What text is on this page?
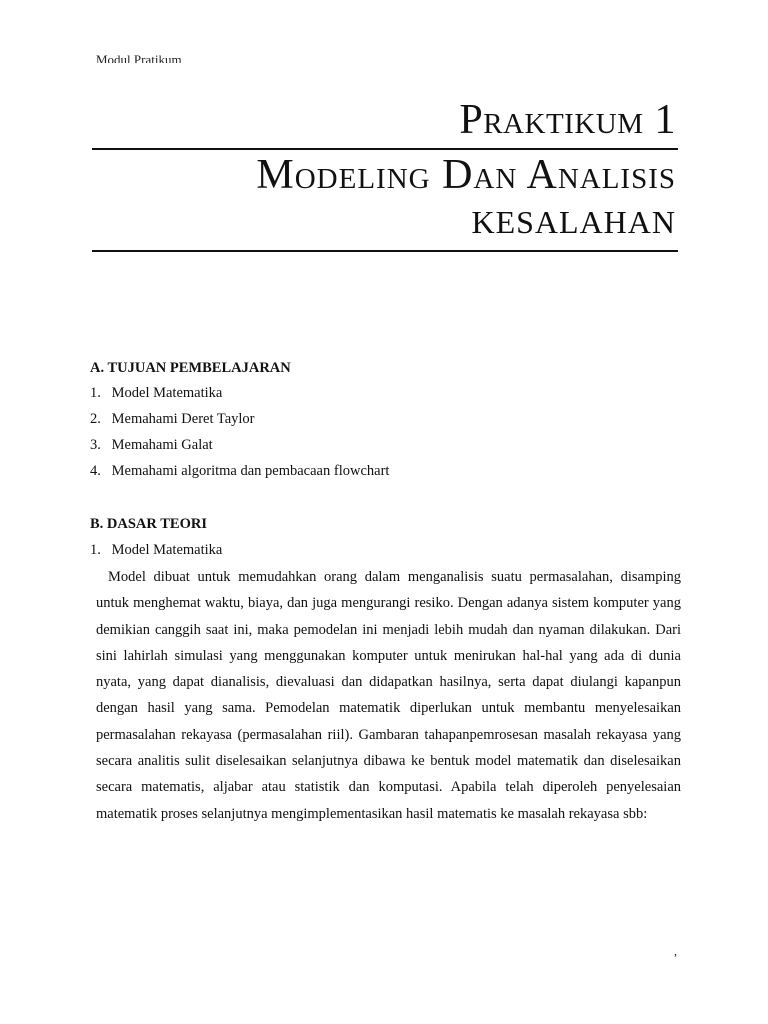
Modul Pratikum
Praktikum 1
Modeling Dan Analisis
KESALAHAN
A. TUJUAN PEMBELAJARAN
1. Model Matematika
2. Memahami Deret Taylor
3. Memahami Galat
4. Memahami algoritma dan pembacaan flowchart
B. DASAR TEORI
1. Model Matematika

Model dibuat untuk memudahkan orang dalam menganalisis suatu permasalahan, disamping untuk menghemat waktu, biaya, dan juga mengurangi resiko. Dengan adanya sistem komputer yang demikian canggih saat ini, maka pemodelan ini menjadi lebih mudah dan nyaman dilakukan. Dari sini lahirlah simulasi yang menggunakan komputer untuk menirukan hal-hal yang ada di dunia nyata, yang dapat dianalisis, dievaluasi dan didapatkan hasilnya, serta dapat diulangi kapanpun dengan hasil yang sama. Pemodelan matematik diperlukan untuk membantu menyelesaikan permasalahan rekayasa (permasalahan riil). Gambaran tahapanpemrosesan masalah rekayasa yang secara analitis sulit diselesaikan selanjutnya dibawa ke bentuk model matematik dan diselesaikan secara matematis, aljabar atau statistik dan komputasi. Apabila telah diperoleh penyelesaian matematik proses selanjutnya mengimplementasikan hasil matematis ke masalah rekayasa sbb:

,
